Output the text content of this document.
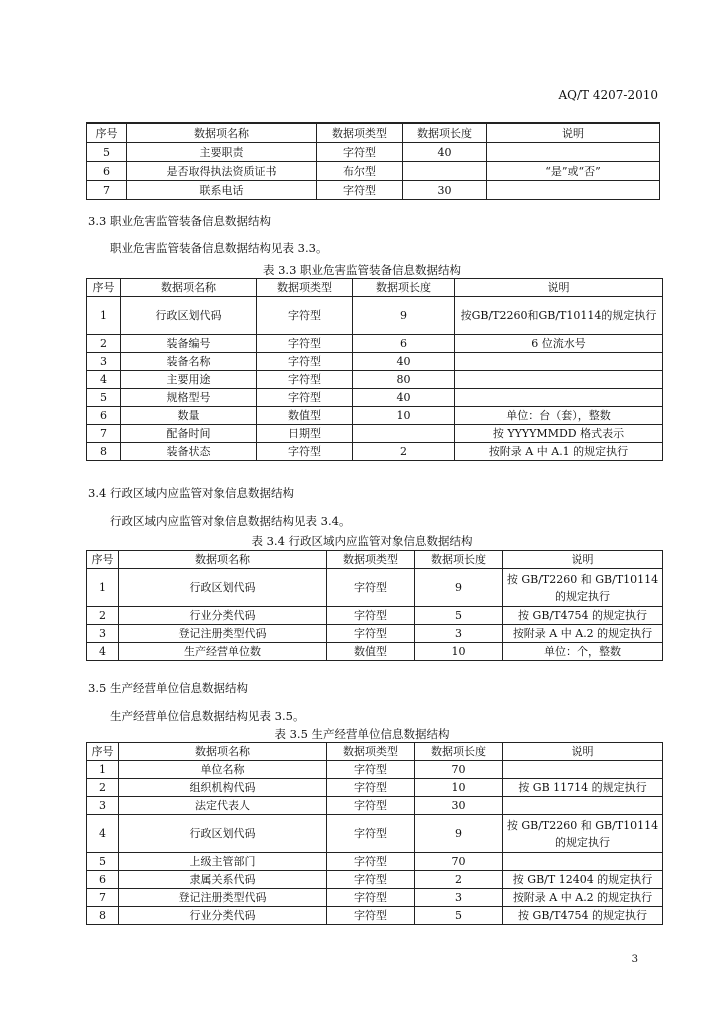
AQ/T 4207-2010
序号	数据项名称	数据项类型	数据项长度	说明
5	主要职责	字符型	40	
6	是否取得执法资质证书	布尔型		“是”或“否”
7	联系电话	字符型	30	
3.3 职业危害监管装备信息数据结构
职业危害监管装备信息数据结构见表 3.3。
表 3.3 职业危害监管装备信息数据结构
序号	数据项名称	数据项类型	数据项长度	说明
1	行政区划代码	字符型	9	按GB/T2260和GB/T10114的规定执行
2	装备编号	字符型	6	6 位流水号
3	装备名称	字符型	40	
4	主要用途	字符型	80	
5	规格型号	字符型	40	
6	数量	数值型	10	单位：台（套），整数
7	配备时间	日期型		按 YYYYMMDD 格式表示
8	装备状态	字符型	2	按附录 A 中 A.1 的规定执行
3.4 行政区域内应监管对象信息数据结构
行政区域内应监管对象信息数据结构见表 3.4。
表 3.4 行政区域内应监管对象信息数据结构
序号	数据项名称	数据项类型	数据项长度	说明
1	行政区划代码	字符型	9	按 GB/T2260 和 GB/T10114 的规定执行
2	行业分类代码	字符型	5	按 GB/T4754 的规定执行
3	登记注册类型代码	字符型	3	按附录 A 中 A.2 的规定执行
4	生产经营单位数	数值型	10	单位：个，整数
3.5 生产经营单位信息数据结构
生产经营单位信息数据结构见表 3.5。
表 3.5 生产经营单位信息数据结构
序号	数据项名称	数据项类型	数据项长度	说明
1	单位名称	字符型	70	
2	组织机构代码	字符型	10	按 GB 11714 的规定执行
3	法定代表人	字符型	30	
4	行政区划代码	字符型	9	按 GB/T2260 和 GB/T10114 的规定执行
5	上级主管部门	字符型	70	
6	隶属关系代码	字符型	2	按 GB/T 12404 的规定执行
7	登记注册类型代码	字符型	3	按附录 A 中 A.2 的规定执行
8	行业分类代码	字符型	5	按 GB/T4754 的规定执行
3
